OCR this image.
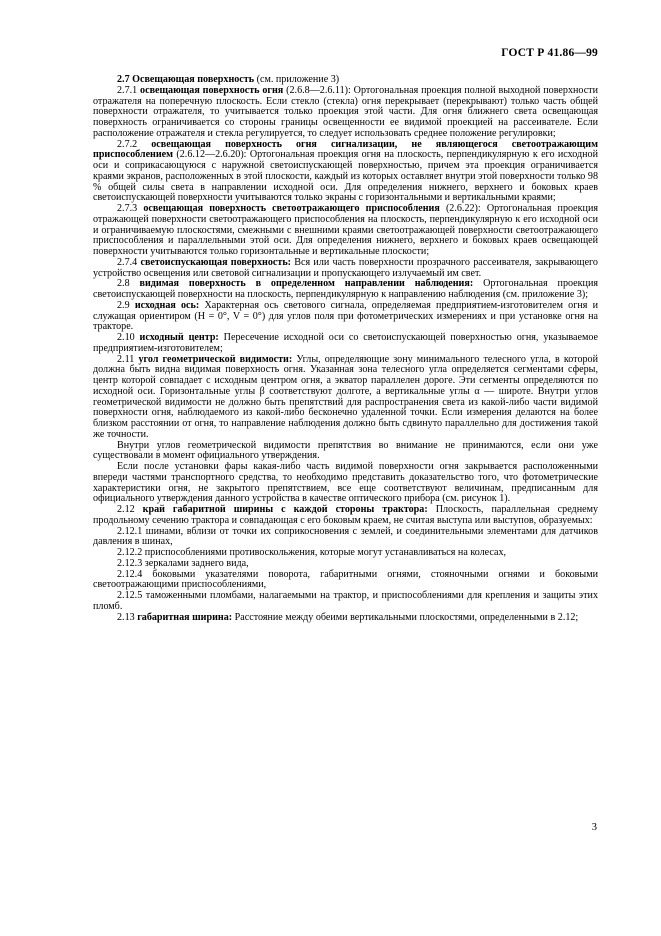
ГОСТ Р 41.86—99

2.7 Освещающая поверхность (см. приложение 3)

2.7.1 освещающая поверхность огня (2.6.8—2.6.11): Ортогональная проекция полной выходной поверхности отражателя на поперечную плоскость. Если стекло (стекла) огня перекрывает (перекрывают) только часть общей поверхности отражателя, то учитывается только проекция этой части. Для огня ближнего света освещающая поверхность ограничивается со стороны границы освещенности ее видимой проекцией на рассеивателе. Если расположение отражателя и стекла регулируется, то следует использовать среднее положение регулировки;

2.7.2 освещающая поверхность огня сигнализации, не являющегося светоотражающим приспособлением (2.6.12—2.6.20): Ортогональная проекция огня на плоскость, перпендикулярную к его исходной оси и соприкасающуюся с наружной светоиспускающей поверхностью, причем эта проекция ограничивается краями экранов, расположенных в этой плоскости, каждый из которых оставляет внутри этой поверхности только 98 % общей силы света в направлении исходной оси. Для определения нижнего, верхнего и боковых краев светоиспускающей поверхности учитываются только экраны с горизонтальными и вертикальными краями;

2.7.3 освещающая поверхность светоотражающего приспособления (2.6.22): Ортогональная проекция отражающей поверхности светоотражающего приспособления на плоскость, перпендикулярную к его исходной оси и ограничиваемую плоскостями, смежными с внешними краями светоотражающей поверхности светоотражающего приспособления и параллельными этой оси. Для определения нижнего, верхнего и боковых краев освещающей поверхности учитываются только горизонтальные и вертикальные плоскости;

2.7.4 светоиспускающая поверхность: Вся или часть поверхности прозрачного рассеивателя, закрывающего устройство освещения или световой сигнализации и пропускающего излучаемый им свет.

2.8 видимая поверхность в определенном направлении наблюдения: Ортогональная проекция светоиспускающей поверхности на плоскость, перпендикулярную к направлению наблюдения (см. приложение 3);

2.9 исходная ось: Характерная ось светового сигнала, определяемая предприятием-изготовителем огня и служащая ориентиром (H = 0°, V = 0°) для углов поля при фотометрических измерениях и при установке огня на тракторе.

2.10 исходный центр: Пересечение исходной оси со светоиспускающей поверхностью огня, указываемое предприятием-изготовителем;

2.11 угол геометрической видимости: Углы, определяющие зону минимального телесного угла, в которой должна быть видна видимая поверхность огня. Указанная зона телесного угла определяется сегментами сферы, центр которой совпадает с исходным центром огня, а экватор параллелен дороге. Эти сегменты определяются по исходной оси. Горизонтальные углы β соответствуют долготе, а вертикальные углы α — широте. Внутри углов геометрической видимости не должно быть препятствий для распространения света из какой-либо части видимой поверхности огня, наблюдаемого из какой-либо бесконечно удаленной точки. Если измерения делаются на более близком расстоянии от огня, то направление наблюдения должно быть сдвинуто параллельно для достижения такой же точности.

Внутри углов геометрической видимости препятствия во внимание не принимаются, если они уже существовали в момент официального утверждения.

Если после установки фары какая-либо часть видимой поверхности огня закрывается расположенными впереди частями транспортного средства, то необходимо представить доказательство того, что фотометрические характеристики огня, не закрытого препятствием, все еще соответствуют величинам, предписанным для официального утверждения данного устройства в качестве оптического прибора (см. рисунок 1).

2.12 край габаритной ширины с каждой стороны трактора: Плоскость, параллельная среднему продольному сечению трактора и совпадающая с его боковым краем, не считая выступа или выступов, образуемых:

2.12.1 шинами, вблизи от точки их соприкосновения с землей, и соединительными элементами для датчиков давления в шинах,

2.12.2 приспособлениями противоскольжения, которые могут устанавливаться на колесах,

2.12.3 зеркалами заднего вида,

2.12.4 боковыми указателями поворота, габаритными огнями, стояночными огнями и боковыми светоотражающими приспособлениями,

2.12.5 таможенными пломбами, налагаемыми на трактор, и приспособлениями для крепления и защиты этих пломб.

2.13 габаритная ширина: Расстояние между обеими вертикальными плоскостями, определенными в 2.12;

3
